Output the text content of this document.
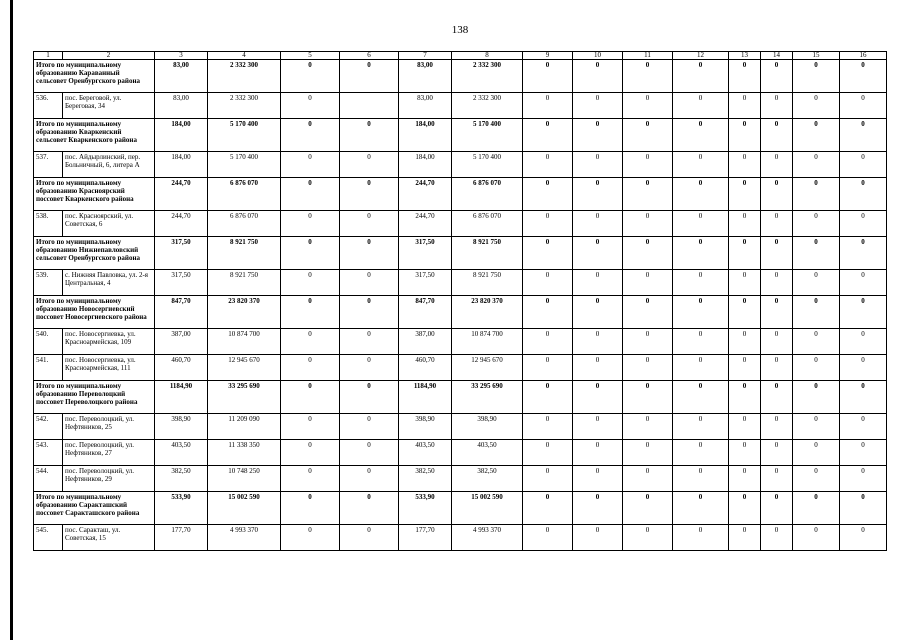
138
1	2	3	4	5	6	7	8	9	10	11	12	13	14	15	16
Итого по муниципальному образованию Караванный сельсовет Оренбургского района		83,00	2 332 300	0	0	83,00	2 332 300	0	0	0	0	0	0	0	0
536.	пос. Береговой, ул. Береговая, 34	83,00	2 332 300	0		83,00	2 332 300	0	0	0	0	0	0	0	0
Итого по муниципальному образованию Кваркенский сельсовет Кваркенского района		184,00	5 170 400	0	0	184,00	5 170 400	0	0	0	0	0	0	0	0
537.	пос. Айдырлинский, пер. Больничный, 6, литера А	184,00	5 170 400	0	0	184,00	5 170 400	0	0	0	0	0	0	0	0
Итого по муниципальному образованию Красноярский поссовет Кваркенского района		244,70	6 876 070	0	0	244,70	6 876 070	0	0	0	0	0	0	0	0
538.	пос. Красноярский, ул. Советская, 6	244,70	6 876 070	0	0	244,70	6 876 070	0	0	0	0	0	0	0	0
Итого по муниципальному образованию Нижнепавловский сельсовет Оренбургского района		317,50	8 921 750	0	0	317,50	8 921 750	0	0	0	0	0	0	0	0
539.	с. Нижняя Павловка, ул. 2-я Центральная, 4	317,50	8 921 750	0	0	317,50	8 921 750	0	0	0	0	0	0	0	0
Итого по муниципальному образованию Новосергиевский поссовет Новосергиевского района		847,70	23 820 370	0	0	847,70	23 820 370	0	0	0	0	0	0	0	0
540.	пос. Новосергиевка, ул. Красноармейская, 109	387,00	10 874 700	0	0	387,00	10 874 700	0	0	0	0	0	0	0	0
541.	пос. Новосергиевка, ул. Красноармейская, 111	460,70	12 945 670	0	0	460,70	12 945 670	0	0	0	0	0	0	0	0
Итого по муниципальному образованию Переволоцкий поссовет Переволоцкого района		1184,90	33 295 690	0	0	1184,90	33 295 690	0	0	0	0	0	0	0	0
542.	пос. Переволоцкий, ул. Нефтяников, 25	398,90	11 209 090	0	0	398,90	398,90	0	0	0	0	0	0	0	0
543.	пос. Переволоцкий, ул. Нефтяников, 27	403,50	11 338 350	0	0	403,50	403,50	0	0	0	0	0	0	0	0
544.	пос. Переволоцкий, ул. Нефтяников, 29	382,50	10 748 250	0	0	382,50	382,50	0	0	0	0	0	0	0	0
Итого по муниципальному образованию Саракташский поссовет Саракташского района		533,90	15 002 590	0	0	533,90	15 002 590	0	0	0	0	0	0	0	0
545.	пос. Саракташ, ул. Советская, 15	177,70	4 993 370	0	0	177,70	4 993 370	0	0	0	0	0	0	0	0
